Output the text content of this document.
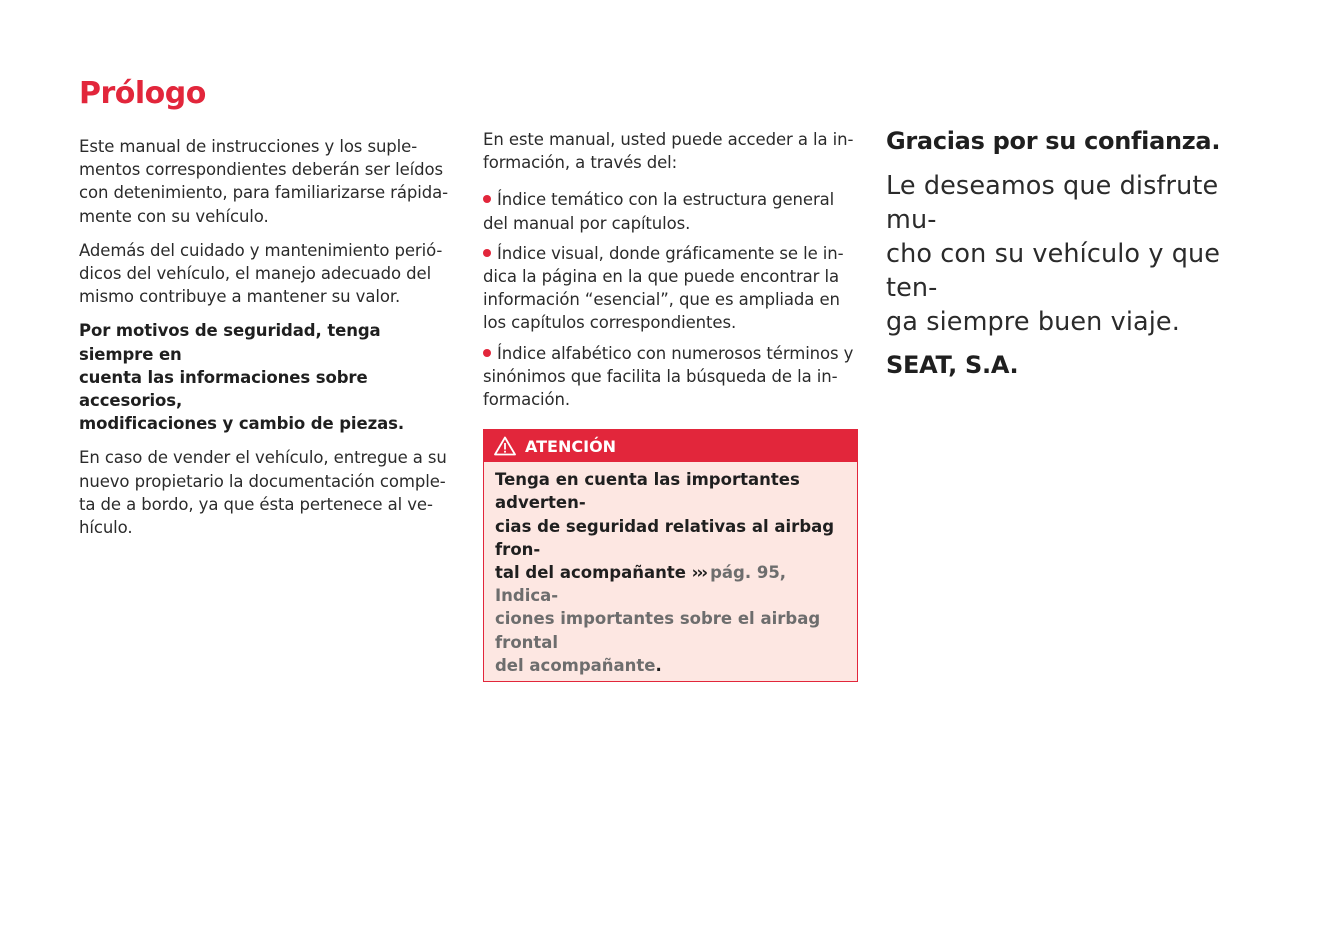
Prólogo

Este manual de instrucciones y los suple-
mentos correspondientes deberán ser leídos
con detenimiento, para familiarizarse rápida-
mente con su vehículo.

Además del cuidado y mantenimiento perió-
dicos del vehículo, el manejo adecuado del
mismo contribuye a mantener su valor.

Por motivos de seguridad, tenga siempre en
cuenta las informaciones sobre accesorios,
modificaciones y cambio de piezas.

En caso de vender el vehículo, entregue a su
nuevo propietario la documentación comple-
ta de a bordo, ya que ésta pertenece al ve-
hículo.

En este manual, usted puede acceder a la in-
formación, a través del:

Índice temático con la estructura general
del manual por capítulos.
Índice visual, donde gráficamente se le in-
dica la página en la que puede encontrar la
información “esencial”, que es ampliada en
los capítulos correspondientes.
Índice alfabético con numerosos términos y
sinónimos que facilita la búsqueda de la in-
formación.
ATENCIÓN
Tenga en cuenta las importantes adverten-
cias de seguridad relativas al airbag fron-
tal del acompañante ››› pág. 95, Indica-
ciones importantes sobre el airbag frontal
del acompañante.

Gracias por su confianza.

Le deseamos que disfrute mu-
cho con su vehículo y que ten-
ga siempre buen viaje.

SEAT, S.A.
